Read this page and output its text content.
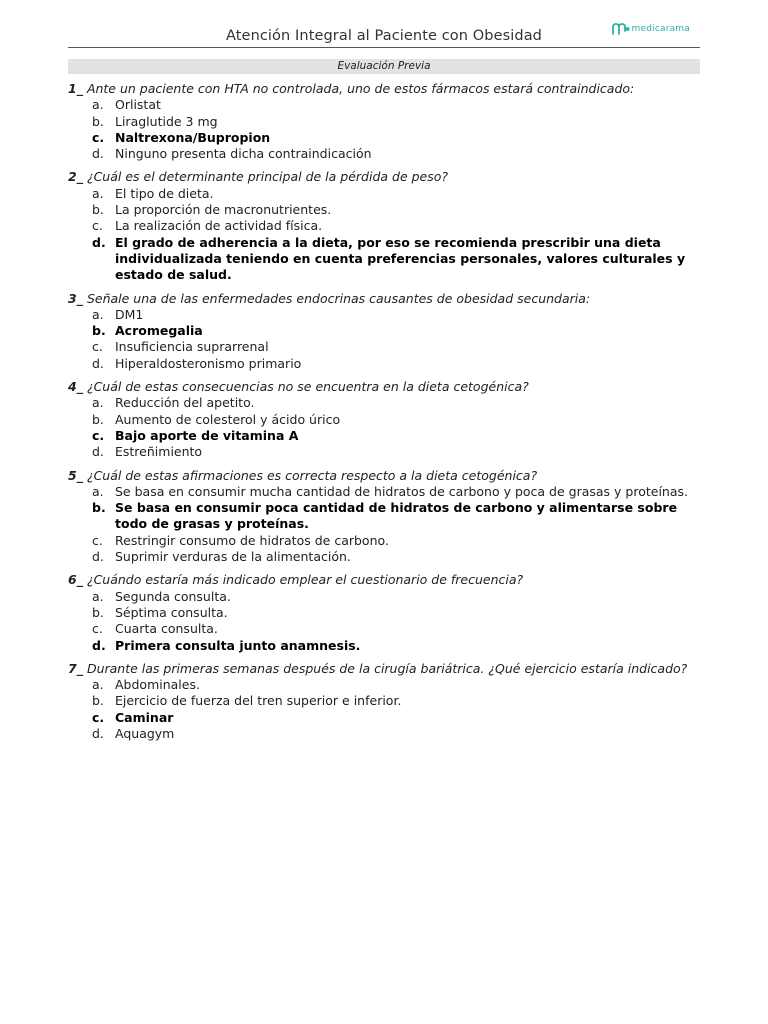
Atención Integral al Paciente con Obesidad	medicarama
Evaluación Previa
1_ Ante un paciente con HTA no controlada, uno de estos fármacos estará contraindicado:
a. Orlistat
b. Liraglutide 3 mg
c. Naltrexona/Bupropion
d. Ninguno presenta dicha contraindicación
2_ ¿Cuál es el determinante principal de la pérdida de peso?
a. El tipo de dieta.
b. La proporción de macronutrientes.
c. La realización de actividad física.
d. El grado de adherencia a la dieta, por eso se recomienda prescribir una dieta individualizada teniendo en cuenta preferencias personales, valores culturales y estado de salud.
3_ Señale una de las enfermedades endocrinas causantes de obesidad secundaria:
a. DM1
b. Acromegalia
c. Insuficiencia suprarrenal
d. Hiperaldosteronismo primario
4_ ¿Cuál de estas consecuencias no se encuentra en la dieta cetogénica?
a. Reducción del apetito.
b. Aumento de colesterol y ácido úrico
c. Bajo aporte de vitamina A
d. Estreñimiento
5_ ¿Cuál de estas afirmaciones es correcta respecto a la dieta cetogénica?
a. Se basa en consumir mucha cantidad de hidratos de carbono y poca de grasas y proteínas.
b. Se basa en consumir poca cantidad de hidratos de carbono y alimentarse sobre todo de grasas y proteínas.
c. Restringir consumo de hidratos de carbono.
d. Suprimir verduras de la alimentación.
6_ ¿Cuándo estaría más indicado emplear el cuestionario de frecuencia?
a. Segunda consulta.
b. Séptima consulta.
c. Cuarta consulta.
d. Primera consulta junto anamnesis.
7_ Durante las primeras semanas después de la cirugía bariátrica. ¿Qué ejercicio estaría indicado?
a. Abdominales.
b. Ejercicio de fuerza del tren superior e inferior.
c. Caminar
d. Aquagym
